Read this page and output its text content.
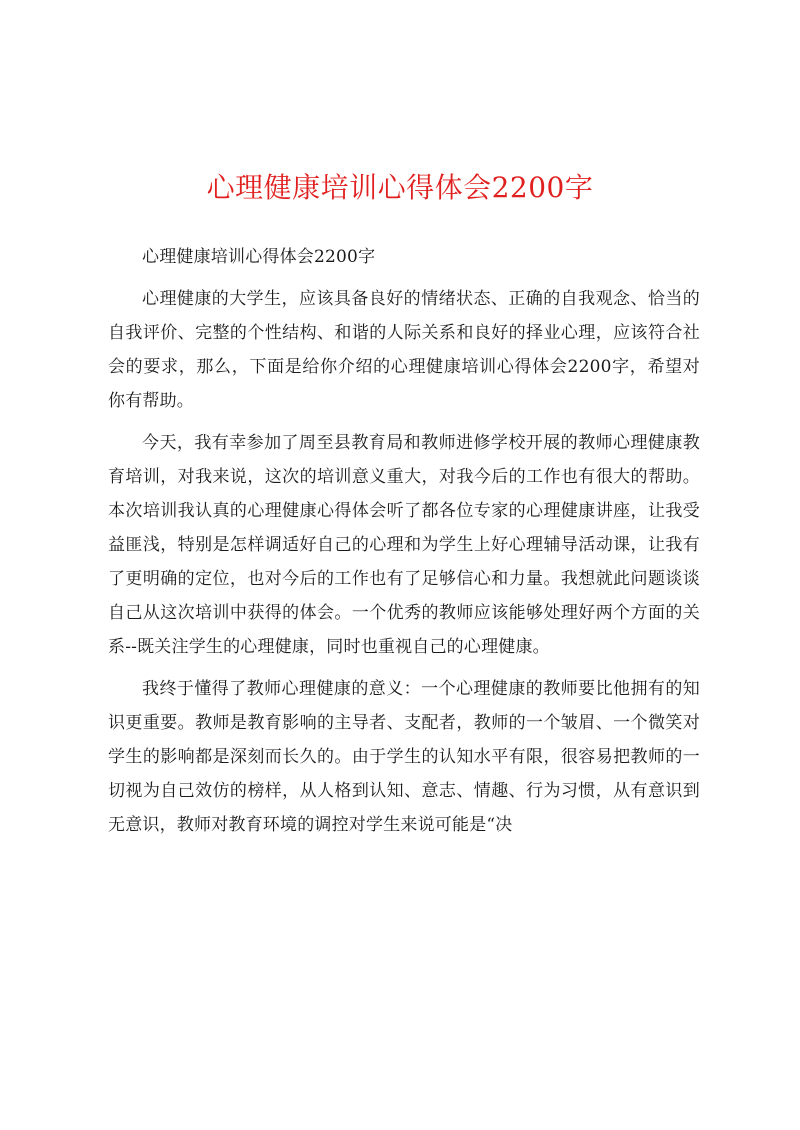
心理健康培训心得体会2200字

心理健康培训心得体会2200字

心理健康的大学生，应该具备良好的情绪状态、正确的自我观念、恰当的自我评价、完整的个性结构、和谐的人际关系和良好的择业心理，应该符合社会的要求，那么，下面是给你介绍的心理健康培训心得体会2200字，希望对你有帮助。

今天，我有幸参加了周至县教育局和教师进修学校开展的教师心理健康教育培训，对我来说，这次的培训意义重大，对我今后的工作也有很大的帮助。本次培训我认真的心理健康心得体会听了都各位专家的心理健康讲座，让我受益匪浅，特别是怎样调适好自己的心理和为学生上好心理辅导活动课，让我有了更明确的定位，也对今后的工作也有了足够信心和力量。我想就此问题谈谈自己从这次培训中获得的体会。一个优秀的教师应该能够处理好两个方面的关系--既关注学生的心理健康，同时也重视自己的心理健康。

我终于懂得了教师心理健康的意义：一个心理健康的教师要比他拥有的知识更重要。教师是教育影响的主导者、支配者，教师的一个皱眉、一个微笑对学生的影响都是深刻而长久的。由于学生的认知水平有限，很容易把教师的一切视为自己效仿的榜样，从人格到认知、意志、情趣、行为习惯，从有意识到无意识，教师对教育环境的调控对学生来说可能是“决
